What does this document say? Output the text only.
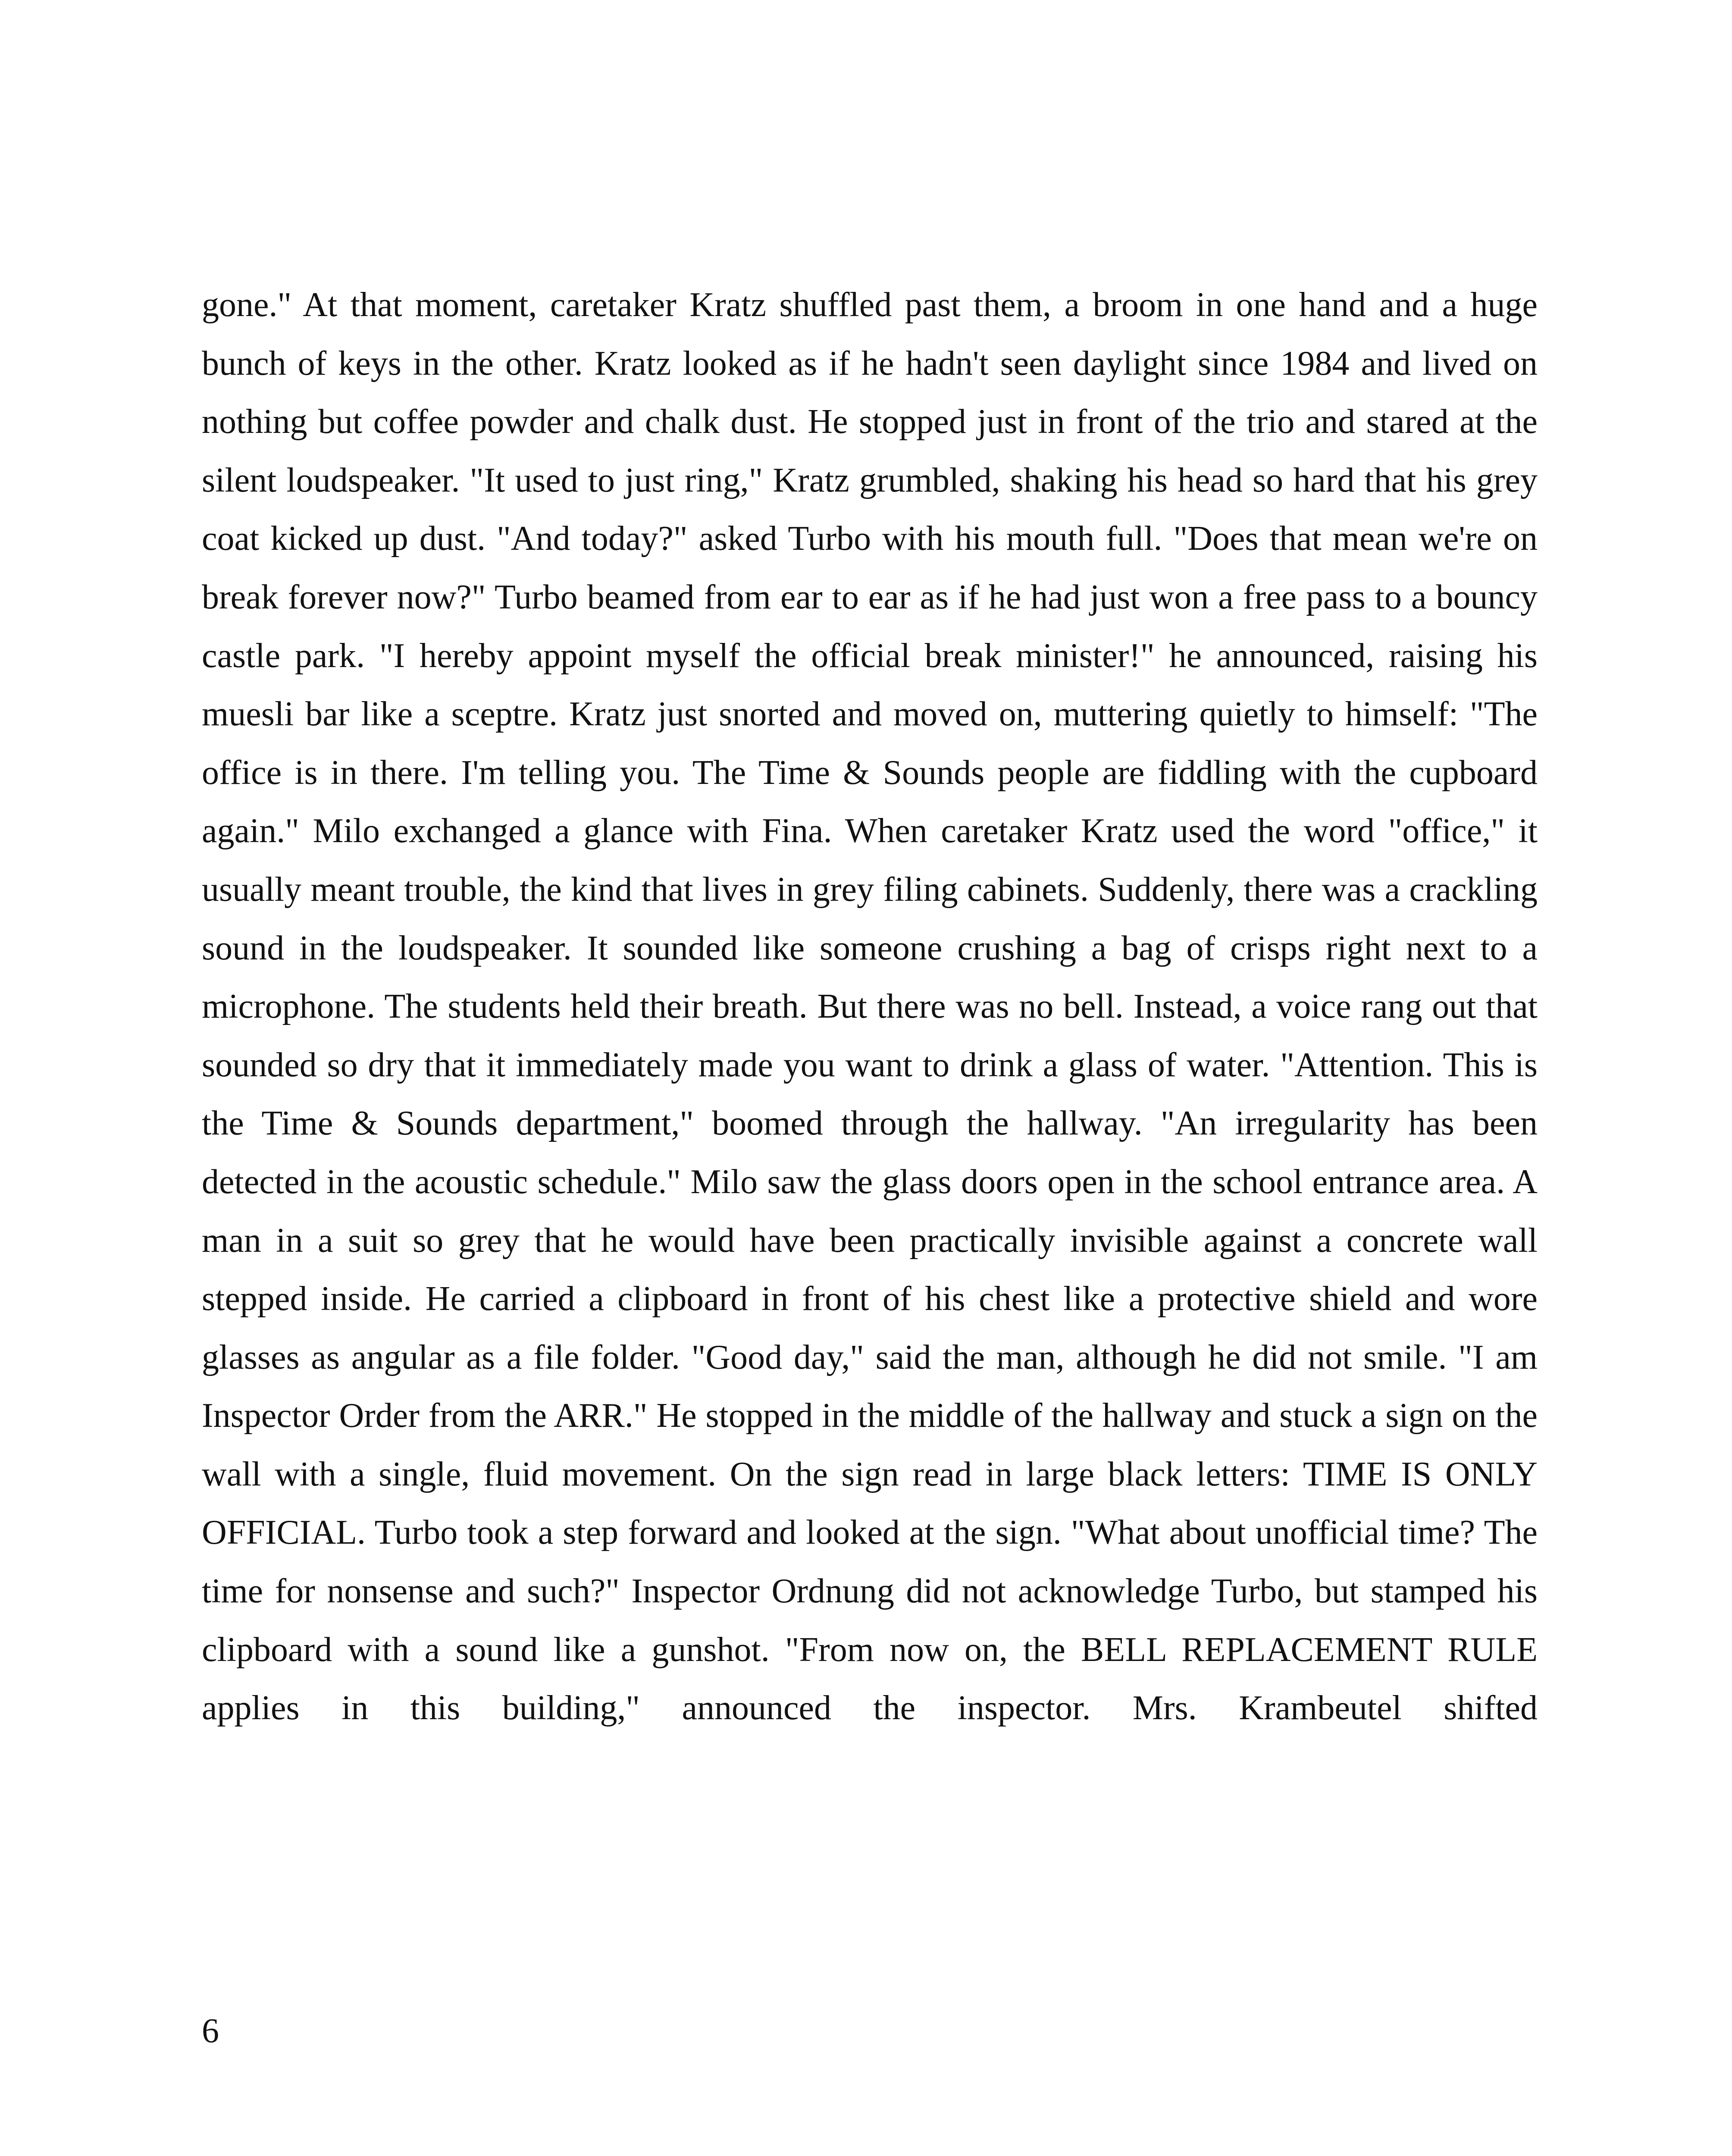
gone." At that moment, caretaker Kratz shuffled past them, a broom in one hand and a huge bunch of keys in the other. Kratz looked as if he hadn't seen daylight since 1984 and lived on nothing but coffee powder and chalk dust. He stopped just in front of the trio and stared at the silent loudspeaker. "It used to just ring," Kratz grumbled, shaking his head so hard that his grey coat kicked up dust. "And today?" asked Turbo with his mouth full. "Does that mean we're on break forever now?" Turbo beamed from ear to ear as if he had just won a free pass to a bouncy castle park. "I hereby appoint myself the official break minister!" he announced, raising his muesli bar like a sceptre. Kratz just snorted and moved on, muttering quietly to himself: "The office is in there. I'm telling you. The Time & Sounds people are fiddling with the cupboard again." Milo exchanged a glance with Fina. When caretaker Kratz used the word "office," it usually meant trouble, the kind that lives in grey filing cabinets. Suddenly, there was a crackling sound in the loudspeaker. It sounded like someone crushing a bag of crisps right next to a microphone. The students held their breath. But there was no bell. Instead, a voice rang out that sounded so dry that it immediately made you want to drink a glass of water. "Attention. This is the Time & Sounds department," boomed through the hallway. "An irregularity has been detected in the acoustic schedule." Milo saw the glass doors open in the school entrance area. A man in a suit so grey that he would have been practically invisible against a concrete wall stepped inside. He carried a clipboard in front of his chest like a protective shield and wore glasses as angular as a file folder. "Good day," said the man, although he did not smile. "I am Inspector Order from the ARR." He stopped in the middle of the hallway and stuck a sign on the wall with a single, fluid movement. On the sign read in large black letters: TIME IS ONLY OFFICIAL. Turbo took a step forward and looked at the sign. "What about unofficial time? The time for nonsense and such?" Inspector Ordnung did not acknowledge Turbo, but stamped his clipboard with a sound like a gunshot. "From now on, the BELL REPLACEMENT RULE applies in this building," announced the inspector. Mrs. Krambeutel shifted

6
